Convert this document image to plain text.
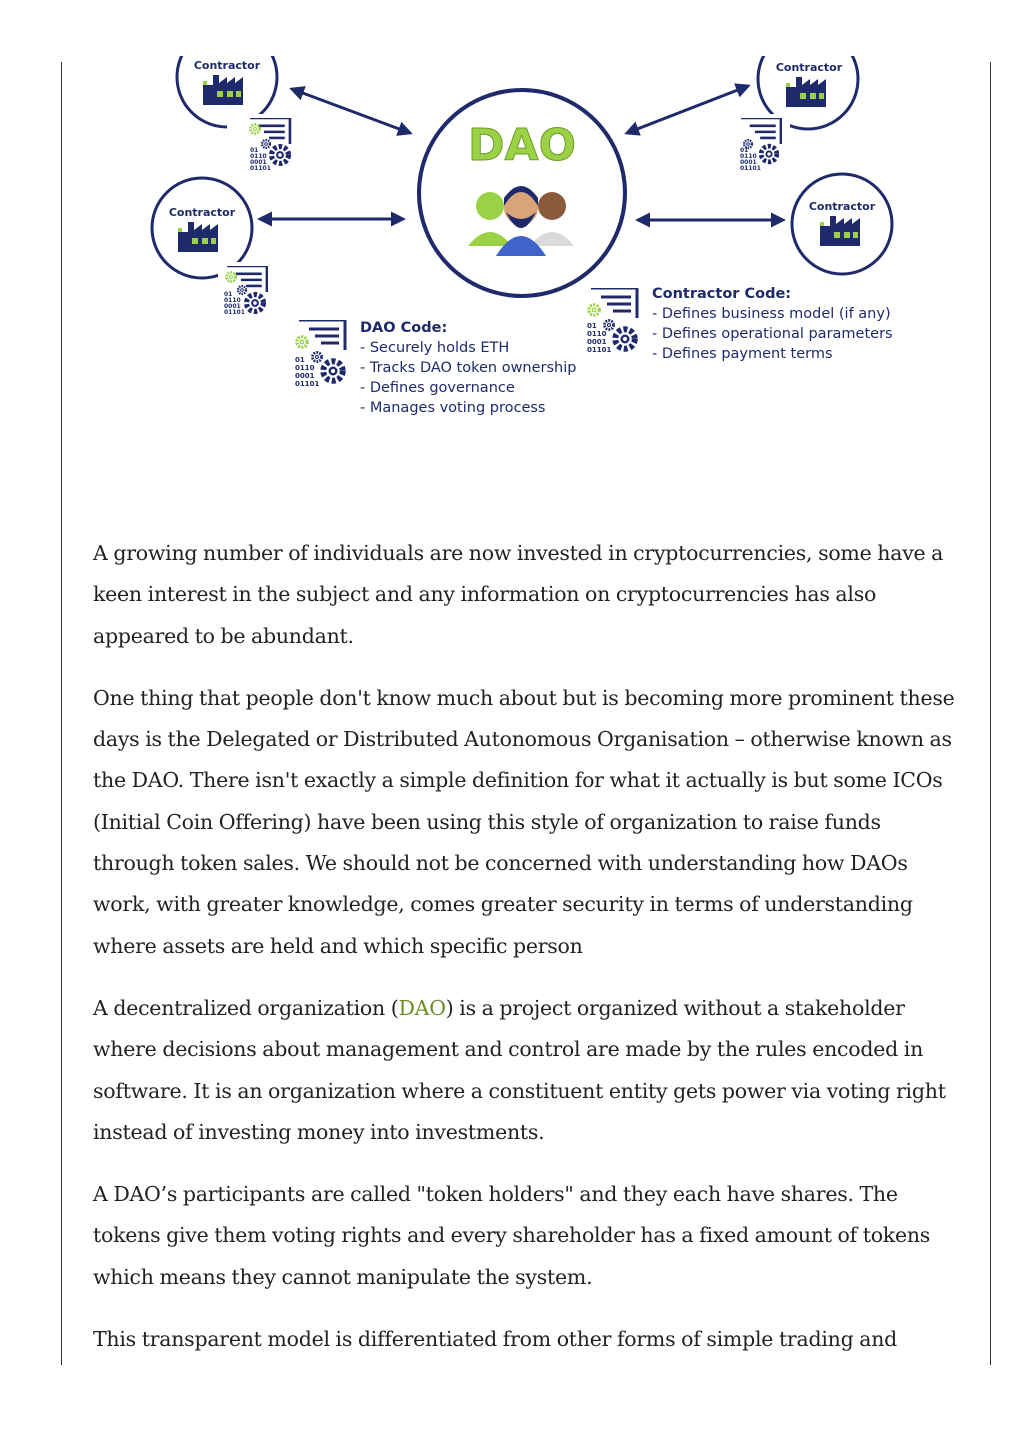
DAO
Contractor
01
0110
0001
01101
Contractor
01
0110
0001
01101
Contractor
01
0110
0001
01101
Contractor
01
0110
0001
01101
Contractor Code:
- Defines business model (if any)
- Defines operational parameters
- Defines payment terms
01
0110
0001
01101
DAO Code:
- Securely holds ETH
- Tracks DAO token ownership
- Defines governance
- Manages voting process

A growing number of individuals are now invested in cryptocurrencies, some have a keen interest in the subject and any information on cryptocurrencies has also appeared to be abundant.

One thing that people don't know much about but is becoming more prominent these days is the Delegated or Distributed Autonomous Organisation – otherwise known as the DAO. There isn't exactly a simple definition for what it actually is but some ICOs (Initial Coin Offering) have been using this style of organization to raise funds through token sales. We should not be concerned with understanding how DAOs work, with greater knowledge, comes greater security in terms of understanding where assets are held and which specific person

A decentralized organization (DAO) is a project organized without a stakeholder where decisions about management and control are made by the rules encoded in software. It is an organization where a constituent entity gets power via voting right instead of investing money into investments.

A DAO’s participants are called "token holders" and they each have shares. The tokens give them voting rights and every shareholder has a fixed amount of tokens which means they cannot manipulate the system.

This transparent model is differentiated from other forms of simple trading and
